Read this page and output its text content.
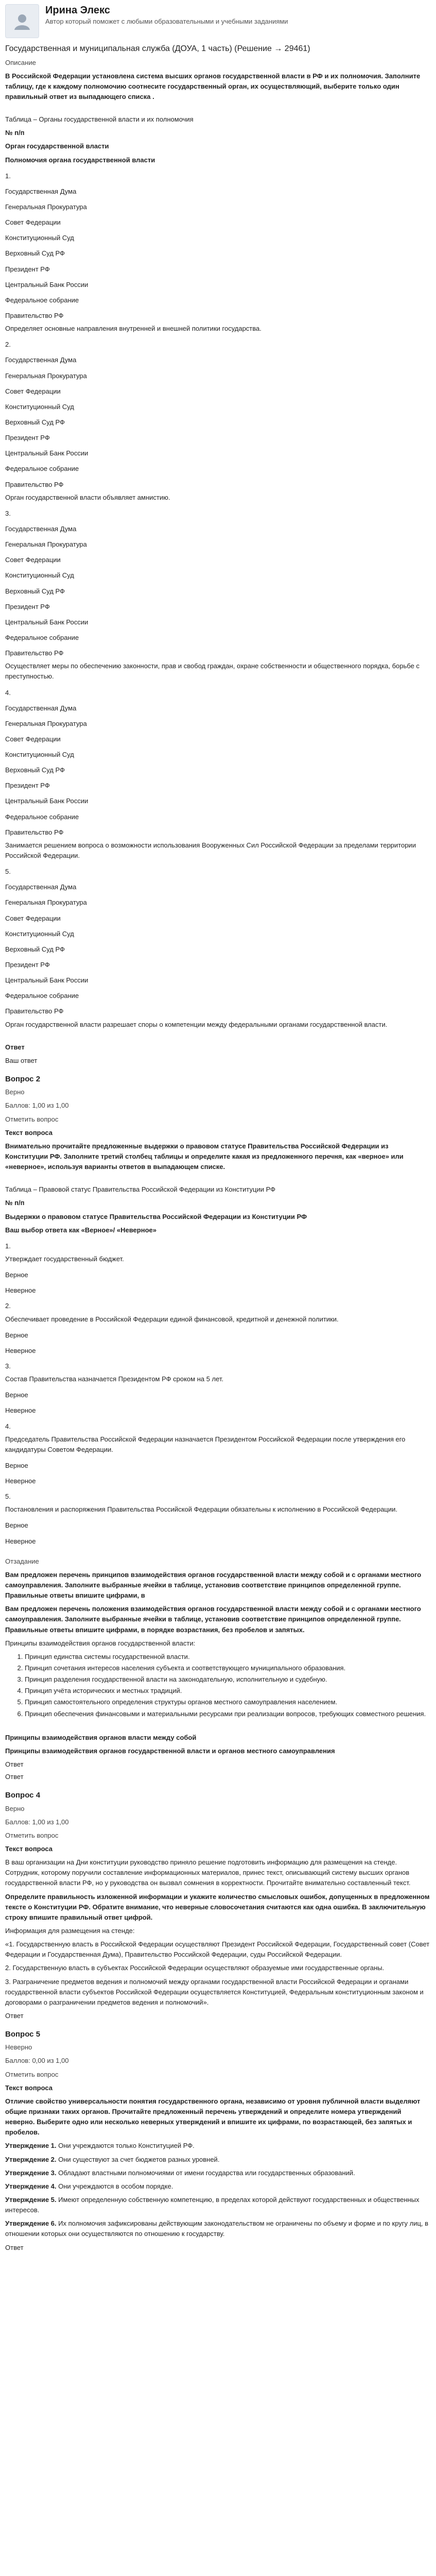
Ирина Элекс
Автор который поможет с любыми образовательными и учебными заданиями
Государственная и муниципальная служба (ДОУА, 1 часть) (Решение → 29461)

Описание

В Российской Федерации установлена система высших органов государственной власти в РФ и их полномочия. Заполните таблицу, где к каждому полномочию соотнесите государственный орган, их осуществляющий, выберите только один правильный ответ из выпадающего списка .

Таблица – Органы государственной власти и их полномочия

№ п/п

Орган государственной власти

Полномочия органа государственной власти

1.

Государственная Дума

Генеральная Прокуратура

Совет Федерации

Конституционный Суд

Верховный Суд РФ

Президент РФ

Центральный Банк России

Федеральное собрание

Правительство РФ

Определяет основные направления внутренней и внешней политики государства.

2.

Государственная Дума

Генеральная Прокуратура

Совет Федерации

Конституционный Суд

Верховный Суд РФ

Президент РФ

Центральный Банк России

Федеральное собрание

Правительство РФ

Орган государственной власти объявляет амнистию.

3.

Государственная Дума

Генеральная Прокуратура

Совет Федерации

Конституционный Суд

Верховный Суд РФ

Президент РФ

Центральный Банк России

Федеральное собрание

Правительство РФ

Осуществляет меры по обеспечению законности, прав и свобод граждан, охране собственности и общественного порядка, борьбе с преступностью.

4.

Государственная Дума

Генеральная Прокуратура

Совет Федерации

Конституционный Суд

Верховный Суд РФ

Президент РФ

Центральный Банк России

Федеральное собрание

Правительство РФ

Занимается решением вопроса о возможности использования Вооруженных Сил Российской Федерации за пределами территории Российской Федерации.

5.

Государственная Дума

Генеральная Прокуратура

Совет Федерации

Конституционный Суд

Верховный Суд РФ

Президент РФ

Центральный Банк России

Федеральное собрание

Правительство РФ

Орган государственной власти разрешает споры о компетенции между федеральными органами государственной власти.

Ответ

Ваш ответ

Вопрос 2

Верно

Баллов: 1,00 из 1,00

Отметить вопрос

Текст вопроса

Внимательно прочитайте предложенные выдержки о правовом статусе Правительства Российской Федерации из Конституции РФ. Заполните третий столбец таблицы и определите какая из предложенного перечня, как «верное» или «неверное», используя варианты ответов в выпадающем списке.

Таблица – Правовой статус Правительства Российской Федерации из Конституции РФ

№ п/п

Выдержки о правовом статусе Правительства Российской Федерации из Конституции РФ

Ваш выбор ответа как «Верное»/ «Неверное»

1.

Утверждает государственный бюджет.

Верное

Неверное

2.

Обеспечивает проведение в Российской Федерации единой финансовой, кредитной и денежной политики.

Верное

Неверное

3.

Состав Правительства назначается Президентом РФ сроком на 5 лет.

Верное

Неверное

4.

Председатель Правительства Российской Федерации назначается Президентом Российской Федерации после утверждения его кандидатуры Советом Федерации.

Верное

Неверное

5.

Постановления и распоряжения Правительства Российской Федерации обязательны к исполнению в Российской Федерации.

Верное

Неверное

Отзадание

Вам предложен перечень принципов взаимодействия органов государственной власти между собой и с органами местного самоуправления. Заполните выбранные ячейки в таблице, установив соответствие принципов определенной группе. Правильные ответы впишите цифрами, в

Вам предложен перечень положения взаимодействия органов государственной власти между собой и с органами местного самоуправления. Заполните выбранные ячейки в таблице, установив соответствие принципов определенной группе. Правильные ответы впишите цифрами, в порядке возрастания, без пробелов и запятых.

Принципы взаимодействия органов государственной власти:

1. Принцип единства системы государственной власти.
2. Принцип сочетания интересов населения субъекта и соответствующего муниципального образования.
3. Принцип разделения государственной власти на законодательную, исполнительную и судебную.
4. Принцип учёта исторических и местных традиций.
5. Принцип самостоятельного определения структуры органов местного самоуправления населением.
6. Принцип обеспечения финансовыми и материальными ресурсами при реализации вопросов, требующих совместного решения.

Принципы взаимодействия органов власти между собой

Принципы взаимодействия органов государственной власти и органов местного самоуправления

Ответ

Ответ

Вопрос 4

Верно

Баллов: 1,00 из 1,00

Отметить вопрос

Текст вопроса

В ваш организации на Дни конституции руководство приняло решение подготовить информацию для размещения на стенде. Сотрудник, которому поручили составление информационных материалов, принес текст, описывающий систему высших органов государственной власти РФ, но у руководства он вызвал сомнения в корректности. Прочитайте внимательно составленный текст.

Определите правильность изложенной информации и укажите количество смысловых ошибок, допущенных в предложенном тексте о Конституции РФ. Обратите внимание, что неверные словосочетания считаются как одна ошибка. В заключительную строку впишите правильный ответ цифрой.

Информация для размещения на стенде:

«1. Государственную власть в Российской Федерации осуществляют Президент Российской Федерации, Государственный совет (Совет Федерации и Государственная Дума), Правительство Российской Федерации, суды Российской Федерации.

2. Государственную власть в субъектах Российской Федерации осуществляют образуемые ими государственные органы.

3. Разграничение предметов ведения и полномочий между органами государственной власти Российской Федерации и органами государственной власти субъектов Российской Федерации осуществляется Конституцией, Федеральным конституционным законом и договорами о разграничении предметов ведения и полномочий».

Ответ

Вопрос 5

Неверно

Баллов: 0,00 из 1,00

Отметить вопрос

Текст вопроса

Отличие свойство универсальности понятия государственного органа, независимо от уровня публичной власти выделяют общие признаки таких органов. Прочитайте предложенный перечень утверждений и определите номера утверждений неверно. Выберите одно или несколько неверных утверждений и впишите их цифрами, по возрастающей, без запятых и пробелов.

Утверждение 1. Они учреждаются только Конституцией РФ.

Утверждение 2. Они существуют за счет бюджетов разных уровней.

Утверждение 3. Обладают властными полномочиями от имени государства или государственных образований.

Утверждение 4. Они учреждаются в особом порядке.

Утверждение 5. Имеют определенную собственную компетенцию, в пределах которой действуют государственных и общественных интересов.

Утверждение 6. Их полномочия зафиксированы действующим законодательством не ограничены по объему и форме и по кругу лиц, в отношении которых они осуществляются по отношению к государству.

Ответ
